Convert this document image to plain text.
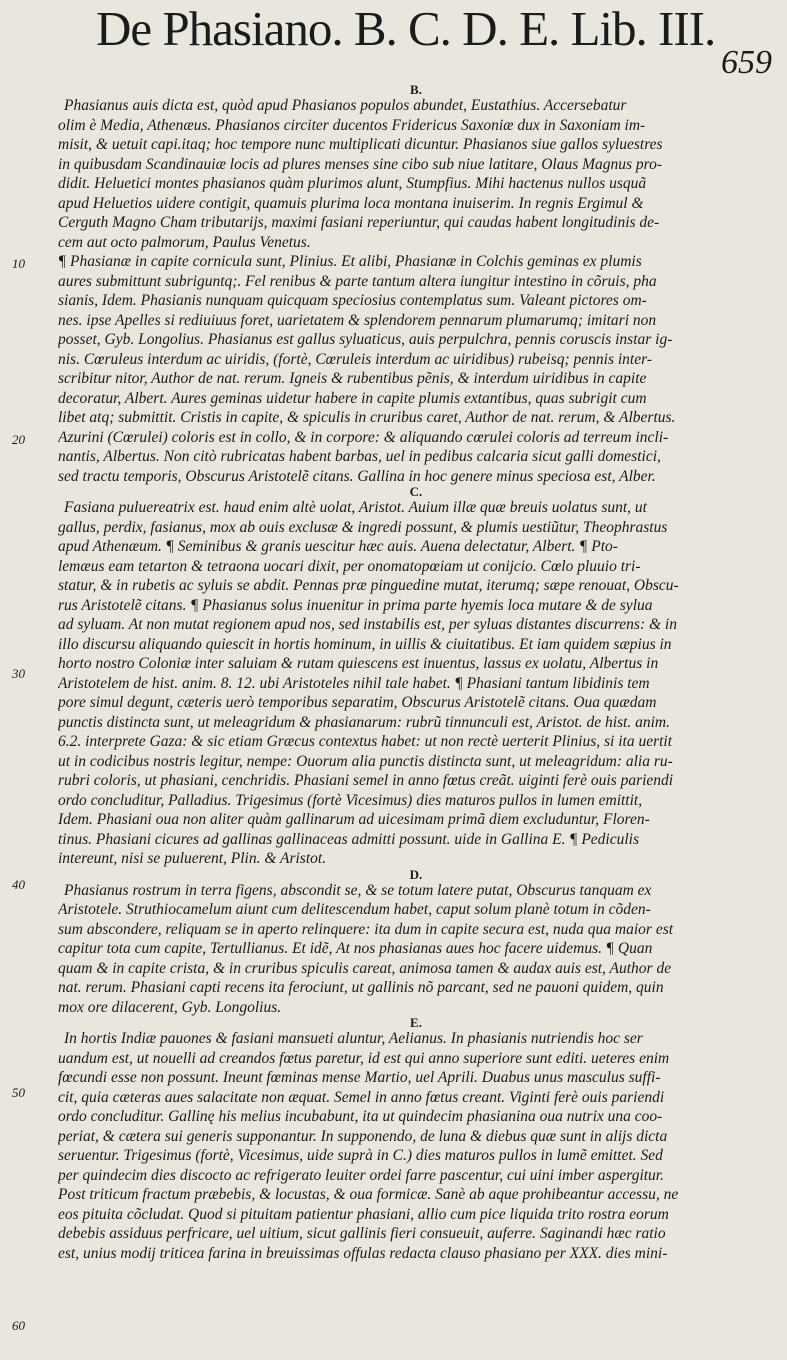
De Phasiano. B. C. D. E. Lib. III.
659
10
20
30
40
50
60
B.
Phasianus auis dicta est, quòd apud Phasianos populos abundet, Eustathius. Accersebatur
olim è Media, Athenæus. Phasianos circiter ducentos Fridericus Saxoniæ dux in Saxoniam im-
misit, & uetuit capi.itaq; hoc tempore nunc multiplicati dicuntur. Phasianos siue gallos syluestres
in quibusdam Scandinauiæ locis ad plures menses sine cibo sub niue latitare, Olaus Magnus pro-
didit. Heluetici montes phasianos quàm plurimos alunt, Stumpfius. Mihi hactenus nullos usquã
apud Heluetios uidere contigit, quamuis plurima loca montana inuiserim. In regnis Ergimul &
Cerguth Magno Cham tributarijs, maximi fasiani reperiuntur, qui caudas habent longitudinis de-
cem aut octo palmorum, Paulus Venetus.
¶ Phasianæ in capite cornicula sunt, Plinius. Et alibi, Phasianæ in Colchis geminas ex plumis
aures submittunt subriguntq;. Fel renibus & parte tantum altera iungitur intestino in cõruis, pha
sianis, Idem. Phasianis nunquam quicquam speciosius contemplatus sum. Valeant pictores om-
nes. ipse Apelles si rediuiuus foret, uarietatem & splendorem pennarum plumarumq; imitari non
posset, Gyb. Longolius. Phasianus est gallus syluaticus, auis perpulchra, pennis coruscis instar ig-
nis. Cœruleus interdum ac uiridis, (fortè, Cœruleis interdum ac uiridibus) rubeisq; pennis inter-
scribitur nitor, Author de nat. rerum. Igneis & rubentibus pẽnis, & interdum uiridibus in capite
decoratur, Albert. Aures geminas uidetur habere in capite plumis extantibus, quas subrigit cum
libet atq; submittit. Cristis in capite, & spiculis in cruribus caret, Author de nat. rerum, & Albertus.
Azurini (Cœrulei) coloris est in collo, & in corpore: & aliquando cœrulei coloris ad terreum incli-
nantis, Albertus. Non citò rubricatas habent barbas, uel in pedibus calcaria sicut galli domestici,
sed tractu temporis, Obscurus Aristotelẽ citans. Gallina in hoc genere minus speciosa est, Alber.
C.
Fasiana puluereatrix est. haud enim altè uolat, Aristot. Auium illæ quæ breuis uolatus sunt, ut
gallus, perdix, fasianus, mox ab ouis exclusæ & ingredi possunt, & plumis uestiũtur, Theophrastus
apud Athenæum. ¶ Seminibus & granis uescitur hæc auis. Auena delectatur, Albert. ¶ Pto-
lemæus eam tetarton & tetraona uocari dixit, per onomatopœiam ut conijcio. Cœlo pluuio tri-
statur, & in rubetis ac syluis se abdit. Pennas præ pinguedine mutat, iterumq; sæpe renouat, Obscu-
rus Aristotelẽ citans. ¶ Phasianus solus inuenitur in prima parte hyemis loca mutare & de sylua
ad syluam. At non mutat regionem apud nos, sed instabilis est, per syluas distantes discurrens: & in
illo discursu aliquando quiescit in hortis hominum, in uillis & ciuitatibus. Et iam quidem sæpius in
horto nostro Coloniæ inter saluiam & rutam quiescens est inuentus, lassus ex uolatu, Albertus in
Aristotelem de hist. anim. 8. 12. ubi Aristoteles nihil tale habet. ¶ Phasiani tantum libidinis tem
pore simul degunt, cæteris uerò temporibus separatim, Obscurus Aristotelẽ citans. Oua quædam
punctis distincta sunt, ut meleagridum & phasianarum: rubrũ tinnunculi est, Aristot. de hist. anim.
6.2. interprete Gaza: & sic etiam Græcus contextus habet: ut non rectè uerterit Plinius, si ita uertit
ut in codicibus nostris legitur, nempe: Ouorum alia punctis distincta sunt, ut meleagridum: alia ru-
rubri coloris, ut phasiani, cenchridis. Phasiani semel in anno fœtus creãt. uiginti ferè ouis pariendi
ordo concluditur, Palladius. Trigesimus (fortè Vicesimus) dies maturos pullos in lumen emittit,
Idem. Phasiani oua non aliter quàm gallinarum ad uicesimam primã diem excluduntur, Floren-
tinus. Phasiani cicures ad gallinas gallinaceas admitti possunt. uide in Gallina E. ¶ Pediculis
intereunt, nisi se puluerent, Plin. & Aristot.
D.
Phasianus rostrum in terra figens, abscondit se, & se totum latere putat, Obscurus tanquam ex
Aristotele. Struthiocamelum aiunt cum delitescendum habet, caput solum planè totum in cõden-
sum abscondere, reliquam se in aperto relinquere: ita dum in capite secura est, nuda qua maior est
capitur tota cum capite, Tertullianus. Et idẽ, At nos phasianas aues hoc facere uidemus. ¶ Quan
quam & in capite crista, & in cruribus spiculis careat, animosa tamen & audax auis est, Author de
nat. rerum. Phasiani capti recens ita ferociunt, ut gallinis nõ parcant, sed ne pauoni quidem, quin
mox ore dilacerent, Gyb. Longolius.
E.
In hortis Indiæ pauones & fasiani mansueti aluntur, Aelianus. In phasianis nutriendis hoc ser
uandum est, ut nouelli ad creandos fœtus paretur, id est qui anno superiore sunt editi. ueteres enim
fœcundi esse non possunt. Ineunt fœminas mense Martio, uel Aprili. Duabus unus masculus suffi-
cit, quia cæteras aues salacitate non æquat. Semel in anno fœtus creant. Viginti ferè ouis pariendi
ordo concluditur. Gallinę his melius incubabunt, ita ut quindecim phasianina oua nutrix una coo-
periat, & cætera sui generis supponantur. In supponendo, de luna & diebus quæ sunt in alijs dicta
seruentur. Trigesimus (fortè, Vicesimus, uide suprà in C.) dies maturos pullos in lumẽ emittet. Sed
per quindecim dies discocto ac refrigerato leuiter ordei farre pascentur, cui uini imber aspergitur.
Post triticum fractum præbebis, & locustas, & oua formicæ. Sanè ab aque prohibeantur accessu, ne
eos pituita cõcludat. Quod si pituitam patientur phasiani, allio cum pice liquida trito rostra eorum
debebis assiduus perfricare, uel uitium, sicut gallinis fieri consueuit, auferre. Saginandi hæc ratio
est, unius modij triticea farina in breuissimas offulas redacta clauso phasiano per XXX. dies mini-
